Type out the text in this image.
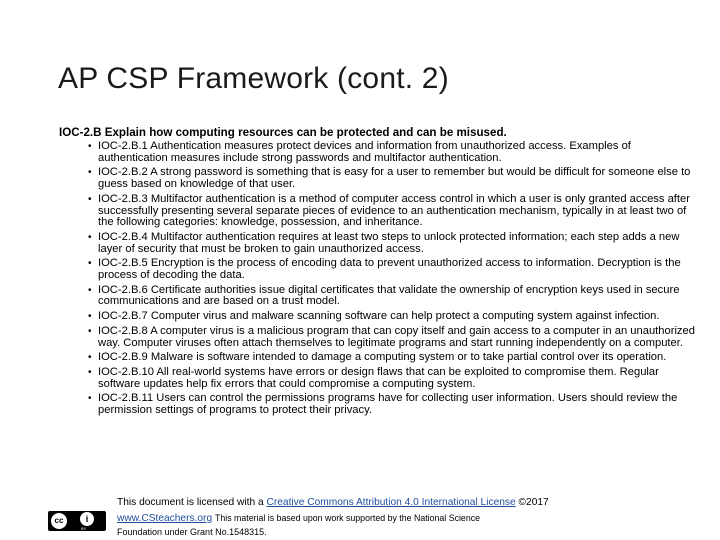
AP CSP Framework (cont. 2)

IOC-2.B Explain how computing resources can be protected and can be misused.

• IOC-2.B.1 Authentication measures protect devices and information from unauthorized access. Examples of authentication measures include strong passwords and multifactor authentication.
• IOC-2.B.2 A strong password is something that is easy for a user to remember but would be difficult for someone else to guess based on knowledge of that user.
• IOC-2.B.3 Multifactor authentication is a method of computer access control in which a user is only granted access after successfully presenting several separate pieces of evidence to an authentication mechanism, typically in at least two of the following categories: knowledge, possession, and inheritance.
• IOC-2.B.4 Multifactor authentication requires at least two steps to unlock protected information; each step adds a new layer of security that must be broken to gain unauthorized access.
• IOC-2.B.5 Encryption is the process of encoding data to prevent unauthorized access to information. Decryption is the process of decoding the data.
• IOC-2.B.6 Certificate authorities issue digital certificates that validate the ownership of encryption keys used in secure communications and are based on a trust model.
• IOC-2.B.7 Computer virus and malware scanning software can help protect a computing system against infection.
• IOC-2.B.8 A computer virus is a malicious program that can copy itself and gain access to a computer in an unauthorized way. Computer viruses often attach themselves to legitimate programs and start running independently on a computer.
• IOC-2.B.9 Malware is software intended to damage a computing system or to take partial control over its operation.
• IOC-2.B.10 All real-world systems have errors or design flaws that can be exploited to compromise them. Regular software updates help fix errors that could compromise a computing system.
• IOC-2.B.11 Users can control the permissions programs have for collecting user information. Users should review the permission settings of programs to protect their privacy.
cc	i
BY
This document is licensed with a Creative Commons Attribution 4.0 International License ©2017
www.CSteachers.org This material is based upon work supported by the National Science
Foundation under Grant No.1548315.
